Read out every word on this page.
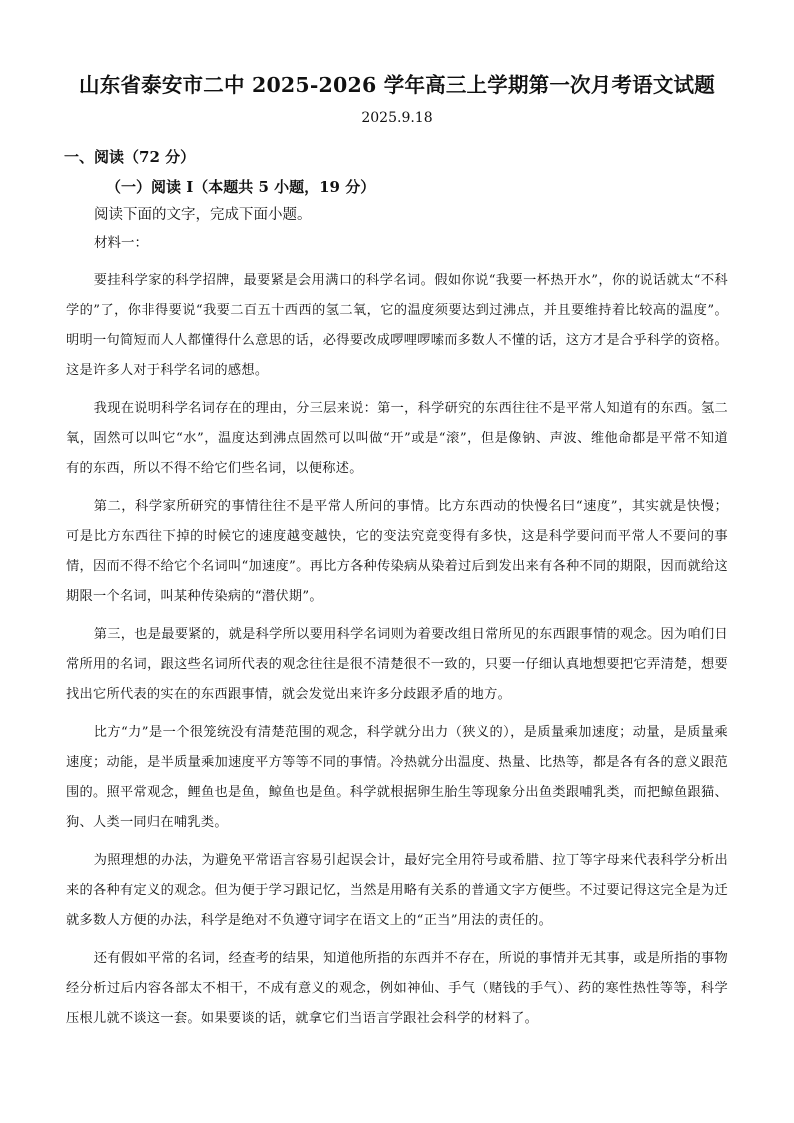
山东省泰安市二中 2025-2026 学年高三上学期第一次月考语文试题
2025.9.18
一、阅读（72 分）
（一）阅读 I（本题共 5 小题，19 分）
阅读下面的文字，完成下面小题。
材料一：

要挂科学家的科学招牌，最要紧是会用满口的科学名词。假如你说“我要一杯热开水”，你的说话就太“不科学的”了，你非得要说“我要二百五十西西的氢二氧，它的温度须要达到过沸点，并且要维持着比较高的温度”。明明一句简短而人人都懂得什么意思的话，必得要改成啰哩啰嗦而多数人不懂的话，这方才是合乎科学的资格。这是许多人对于科学名词的感想。

我现在说明科学名词存在的理由，分三层来说：第一，科学研究的东西往往不是平常人知道有的东西。氢二氧，固然可以叫它“水”，温度达到沸点固然可以叫做“开”或是“滚”，但是像钠、声波、维他命都是平常不知道有的东西，所以不得不给它们些名词，以便称述。

第二，科学家所研究的事情往往不是平常人所问的事情。比方东西动的快慢名曰“速度”，其实就是快慢；可是比方东西往下掉的时候它的速度越变越快，它的变法究竟变得有多快，这是科学要问而平常人不要问的事情，因而不得不给它个名词叫“加速度”。再比方各种传染病从染着过后到发出来有各种不同的期限，因而就给这期限一个名词，叫某种传染病的“潜伏期”。

第三，也是最要紧的，就是科学所以要用科学名词则为着要改组日常所见的东西跟事情的观念。因为咱们日常所用的名词，跟这些名词所代表的观念往往是很不清楚很不一致的，只要一仔细认真地想要把它弄清楚，想要找出它所代表的实在的东西跟事情，就会发觉出来许多分歧跟矛盾的地方。

比方“力”是一个很笼统没有清楚范围的观念，科学就分出力（狭义的），是质量乘加速度；动量，是质量乘速度；动能，是半质量乘加速度平方等等不同的事情。冷热就分出温度、热量、比热等，都是各有各的意义跟范围的。照平常观念，鲤鱼也是鱼，鲸鱼也是鱼。科学就根据卵生胎生等现象分出鱼类跟哺乳类，而把鲸鱼跟猫、狗、人类一同归在哺乳类。

为照理想的办法，为避免平常语言容易引起误会计，最好完全用符号或希腊、拉丁等字母来代表科学分析出来的各种有定义的观念。但为便于学习跟记忆，当然是用略有关系的普通文字方便些。不过要记得这完全是为迁就多数人方便的办法，科学是绝对不负遵守词字在语文上的“正当”用法的责任的。

还有假如平常的名词，经查考的结果，知道他所指的东西并不存在，所说的事情并无其事，或是所指的事物经分析过后内容各部太不相干，不成有意义的观念，例如神仙、手气（赌钱的手气）、药的寒性热性等等，科学压根儿就不谈这一套。如果要谈的话，就拿它们当语言学跟社会科学的材料了。
